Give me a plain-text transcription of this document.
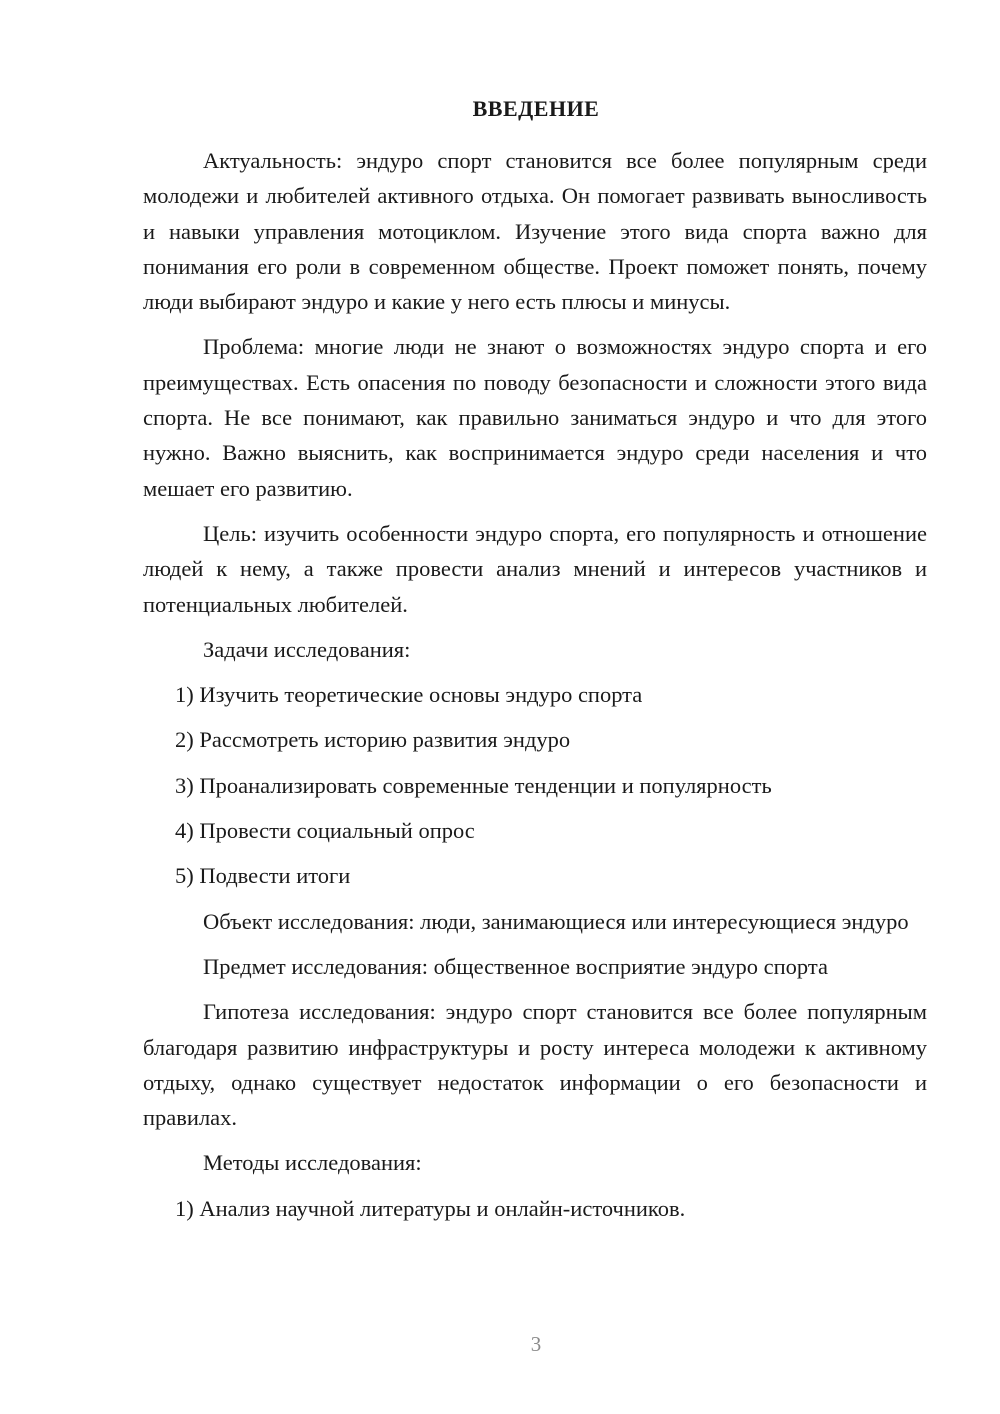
ВВЕДЕНИЕ

Актуальность: эндуро спорт становится все более популярным среди молодежи и любителей активного отдыха. Он помогает развивать выносливость и навыки управления мотоциклом. Изучение этого вида спорта важно для понимания его роли в современном обществе. Проект поможет понять, почему люди выбирают эндуро и какие у него есть плюсы и минусы.

Проблема: многие люди не знают о возможностях эндуро спорта и его преимуществах. Есть опасения по поводу безопасности и сложности этого вида спорта. Не все понимают, как правильно заниматься эндуро и что для этого нужно. Важно выяснить, как воспринимается эндуро среди населения и что мешает его развитию.

Цель: изучить особенности эндуро спорта, его популярность и отношение людей к нему, а также провести анализ мнений и интересов участников и потенциальных любителей.

Задачи исследования:

1) Изучить теоретические основы эндуро спорта

2) Рассмотреть историю развития эндуро

3) Проанализировать современные тенденции и популярность

4) Провести социальный опрос

5) Подвести итоги

Объект исследования: люди, занимающиеся или интересующиеся эндуро

Предмет исследования: общественное восприятие эндуро спорта

Гипотеза исследования: эндуро спорт становится все более популярным благодаря развитию инфраструктуры и росту интереса молодежи к активному отдыху, однако существует недостаток информации о его безопасности и правилах.

Методы исследования:

1) Анализ научной литературы и онлайн-источников.

3
